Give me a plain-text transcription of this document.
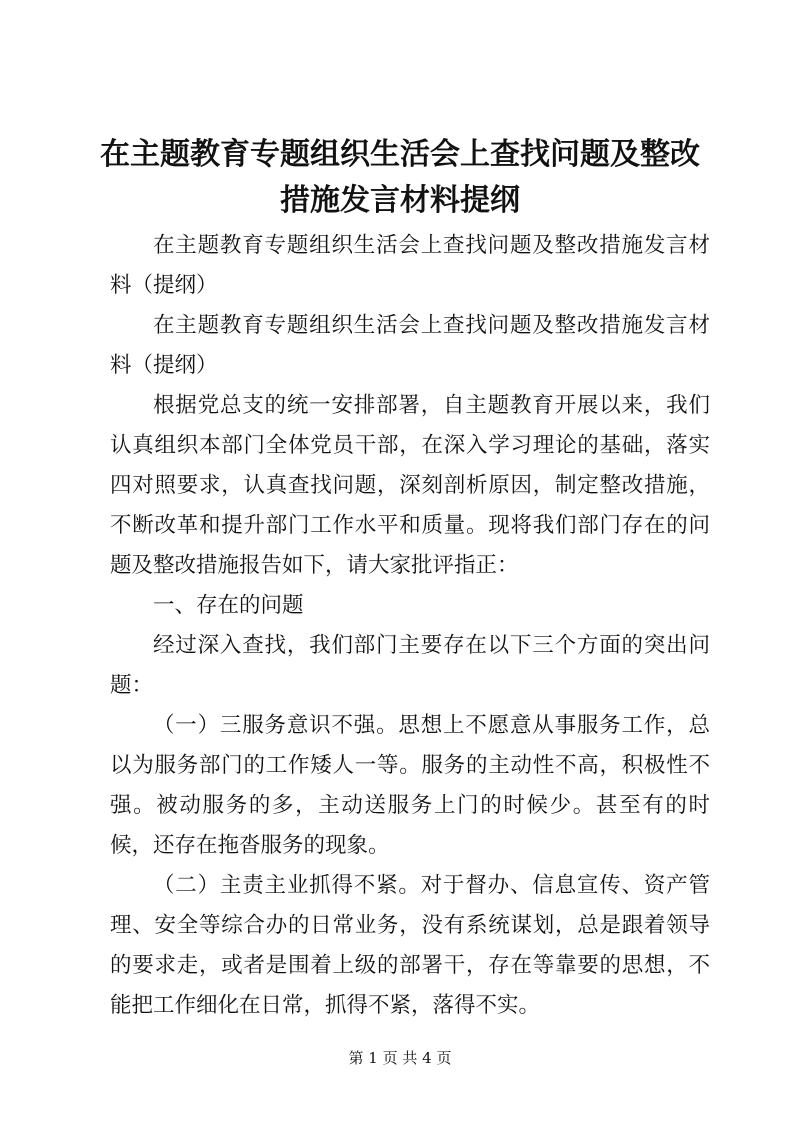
在主题教育专题组织生活会上查找问题及整改
措施发言材料提纲

在主题教育专题组织生活会上查找问题及整改措施发言材料（提纲）

在主题教育专题组织生活会上查找问题及整改措施发言材料（提纲）

根据党总支的统一安排部署，自主题教育开展以来，我们认真组织本部门全体党员干部，在深入学习理论的基础，落实四对照要求，认真查找问题，深刻剖析原因，制定整改措施，不断改革和提升部门工作水平和质量。现将我们部门存在的问题及整改措施报告如下，请大家批评指正：

一、存在的问题

经过深入查找，我们部门主要存在以下三个方面的突出问题：

（一）三服务意识不强。思想上不愿意从事服务工作，总以为服务部门的工作矮人一等。服务的主动性不高，积极性不强。被动服务的多，主动送服务上门的时候少。甚至有的时候，还存在拖沓服务的现象。

（二）主责主业抓得不紧。对于督办、信息宣传、资产管理、安全等综合办的日常业务，没有系统谋划，总是跟着领导的要求走，或者是围着上级的部署干，存在等靠要的思想，不能把工作细化在日常，抓得不紧，落得不实。

第 1 页 共 4 页
